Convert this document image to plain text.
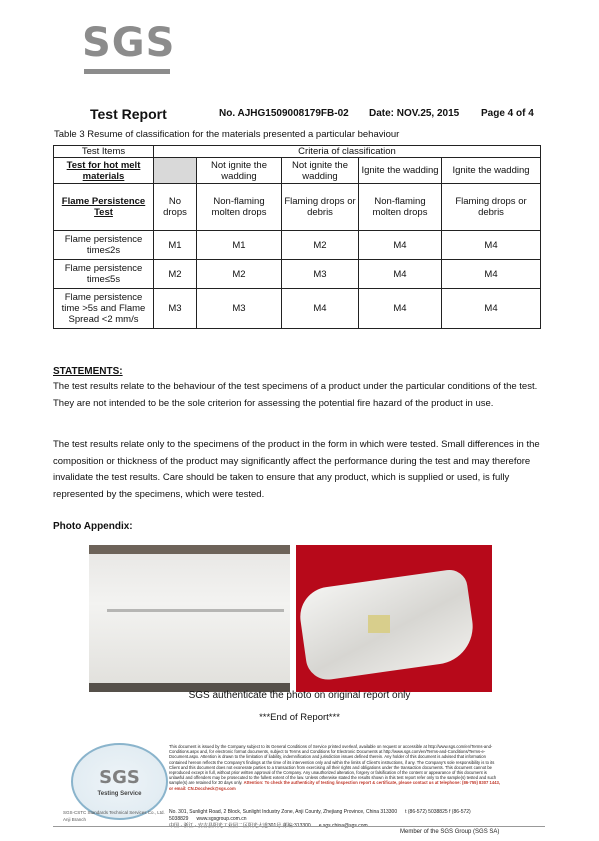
SGS
Test Report	No. AJHG1509008179FB-02 Date: NOV.25, 2015 Page 4 of 4
Table 3 Resume of classification for the materials presented a particular behaviour
Test Items	Criteria of classification				
Test for hot melt materials		Not ignite the wadding	Not ignite the wadding	Ignite the wadding	Ignite the wadding
Flame Persistence Test	No drops	Non-flaming molten drops	Flaming drops or debris	Non-flaming molten drops	Flaming drops or debris
Flame persistence time≤2s	M1	M1	M2	M4	M4
Flame persistence time≤5s	M2	M2	M3	M4	M4
Flame persistence time >5s and Flame Spread <2 mm/s	M3	M3	M4	M4	M4
STATEMENTS:
The test results relate to the behaviour of the test specimens of a product under the particular conditions of the test. They are not intended to be the sole criterion for assessing the potential fire hazard of the product in use.
The test results relate only to the specimens of the product in the form in which were tested. Small differences in the composition or thickness of the product may significantly affect the performance during the test and may therefore invalidate the test results. Care should be taken to ensure that any product, which is supplied or used, is fully represented by the specimens, which were tested.
Photo Appendix:
SGS authenticate the photo on original report only
***End of Report***
SGS
Testing Service
This document is issued by the Company subject to its General Conditions of Service printed overleaf, available on request or accessible at http://www.sgs.com/en/Terms-and-Conditions.aspx and, for electronic format documents, subject to Terms and Conditions for Electronic Documents at http://www.sgs.com/en/Terms-and-Conditions/Terms-e-Document.aspx. Attention is drawn to the limitation of liability, indemnification and jurisdiction issues defined therein. Any holder of this document is advised that information contained hereon reflects the Company's findings at the time of its intervention only and within the limits of Client's instructions, if any. The Company's sole responsibility is to its Client and this document does not exonerate parties to a transaction from exercising all their rights and obligations under the transaction documents. This document cannot be reproduced except in full, without prior written approval of the Company. Any unauthorized alteration, forgery or falsification of the content or appearance of this document is unlawful and offenders may be prosecuted to the fullest extent of the law. Unless otherwise stated the results shown in this test report refer only to the sample(s) tested and such sample(s) are retained for 30 days only. Attention: To check the authenticity of testing /inspection report & certificate, please contact us at telephone: (86-755) 8307 1443, or email: CN.Doccheck@sgs.com
SGS-CSTC Standards Technical Services Co., Ltd. Anji Branch
No. 301, Sunlight Road, 2 Block, Sunlight Industry Zone, Anji County, Zhejiang Province, China 313300 t (86-572) 5038825 f (86-572) 5038829 www.sgsgroup.com.cn
Member of the SGS Group (SGS SA)
